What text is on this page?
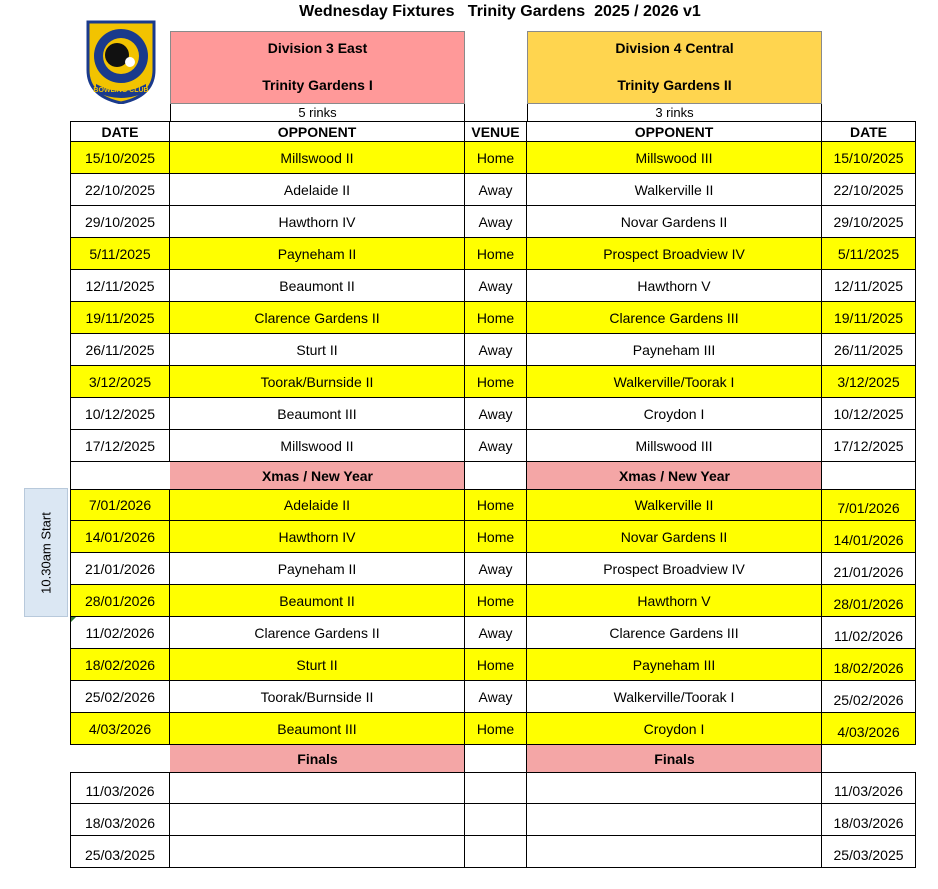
Wednesday Fixtures   Trinity Gardens  2025 / 2026 v1
BOWLING CLUB
Division 3 East
Trinity Gardens I
Division 4 Central
Trinity Gardens II
5 rinks	3 rinks
10.30am Start
DATE	OPPONENT	VENUE	OPPONENT	DATE
15/10/2025	Millswood II	Home	Millswood III	15/10/2025
22/10/2025	Adelaide II	Away	Walkerville II	22/10/2025
29/10/2025	Hawthorn IV	Away	Novar Gardens II	29/10/2025
5/11/2025	Payneham II	Home	Prospect Broadview IV	5/11/2025
12/11/2025	Beaumont II	Away	Hawthorn V	12/11/2025
19/11/2025	Clarence Gardens II	Home	Clarence Gardens III	19/11/2025
26/11/2025	Sturt II	Away	Payneham III	26/11/2025
3/12/2025	Toorak/Burnside II	Home	Walkerville/Toorak I	3/12/2025
10/12/2025	Beaumont III	Away	Croydon I	10/12/2025
17/12/2025	Millswood II	Away	Millswood III	17/12/2025
Xmas / New Year	Xmas / New Year
7/01/2026	Adelaide II	Home	Walkerville II	7/01/2026
14/01/2026	Hawthorn IV	Home	Novar Gardens II	14/01/2026
21/01/2026	Payneham II	Away	Prospect Broadview IV	21/01/2026
28/01/2026	Beaumont II	Home	Hawthorn V	28/01/2026
11/02/2026	Clarence Gardens II	Away	Clarence Gardens III	11/02/2026
18/02/2026	Sturt II	Home	Payneham III	18/02/2026
25/02/2026	Toorak/Burnside II	Away	Walkerville/Toorak I	25/02/2026
4/03/2026	Beaumont III	Home	Croydon I	4/03/2026
Finals	Finals
11/03/2026	11/03/2026
18/03/2026	18/03/2026
25/03/2025	25/03/2025
